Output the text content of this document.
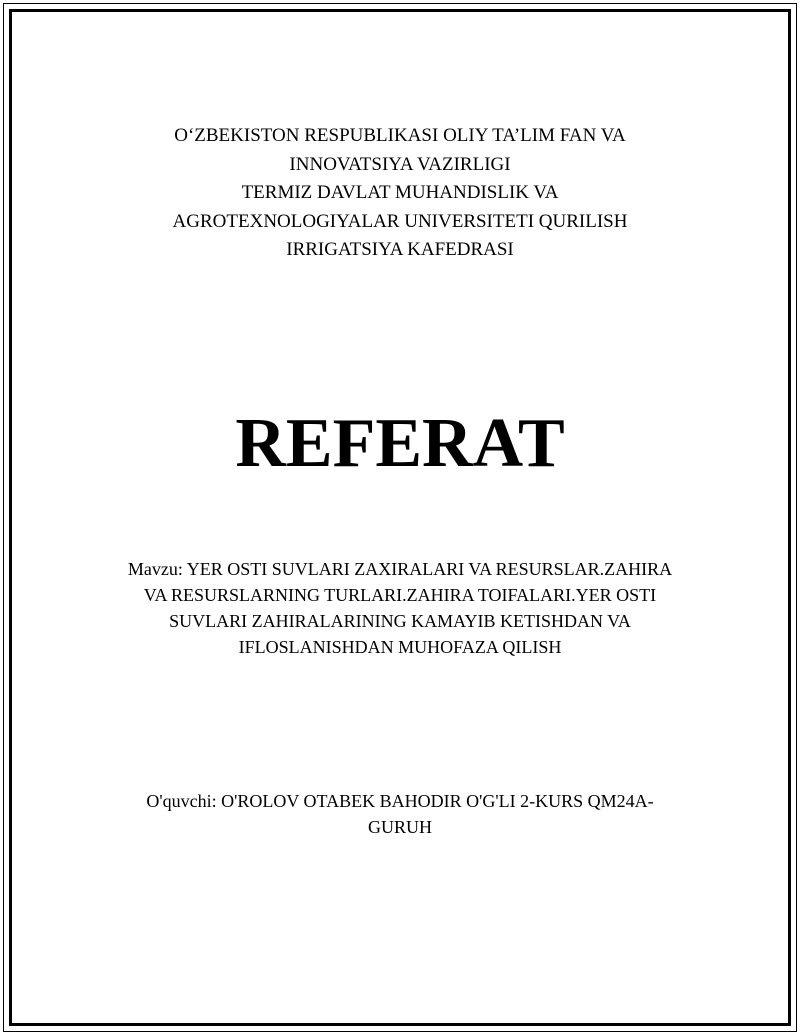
O‘ZBEKISTON RESPUBLIKASI OLIY TA’LIM FAN VA
INNOVATSIYA VAZIRLIGI
TERMIZ DAVLAT MUHANDISLIK VA
AGROTEXNOLOGIYALAR UNIVERSITETI QURILISH
IRRIGATSIYA KAFEDRASI
REFERAT
Mavzu: YER OSTI SUVLARI ZAXIRALARI VA RESURSLAR.ZAHIRA
VA RESURSLARNING TURLARI.ZAHIRA TOIFALARI.YER OSTI
SUVLARI ZAHIRALARINING KAMAYIB KETISHDAN VA
IFLOSLANISHDAN MUHOFAZA QILISH
O'quvchi: O'ROLOV OTABEK BAHODIR O'G'LI 2-KURS QM24A-
GURUH
